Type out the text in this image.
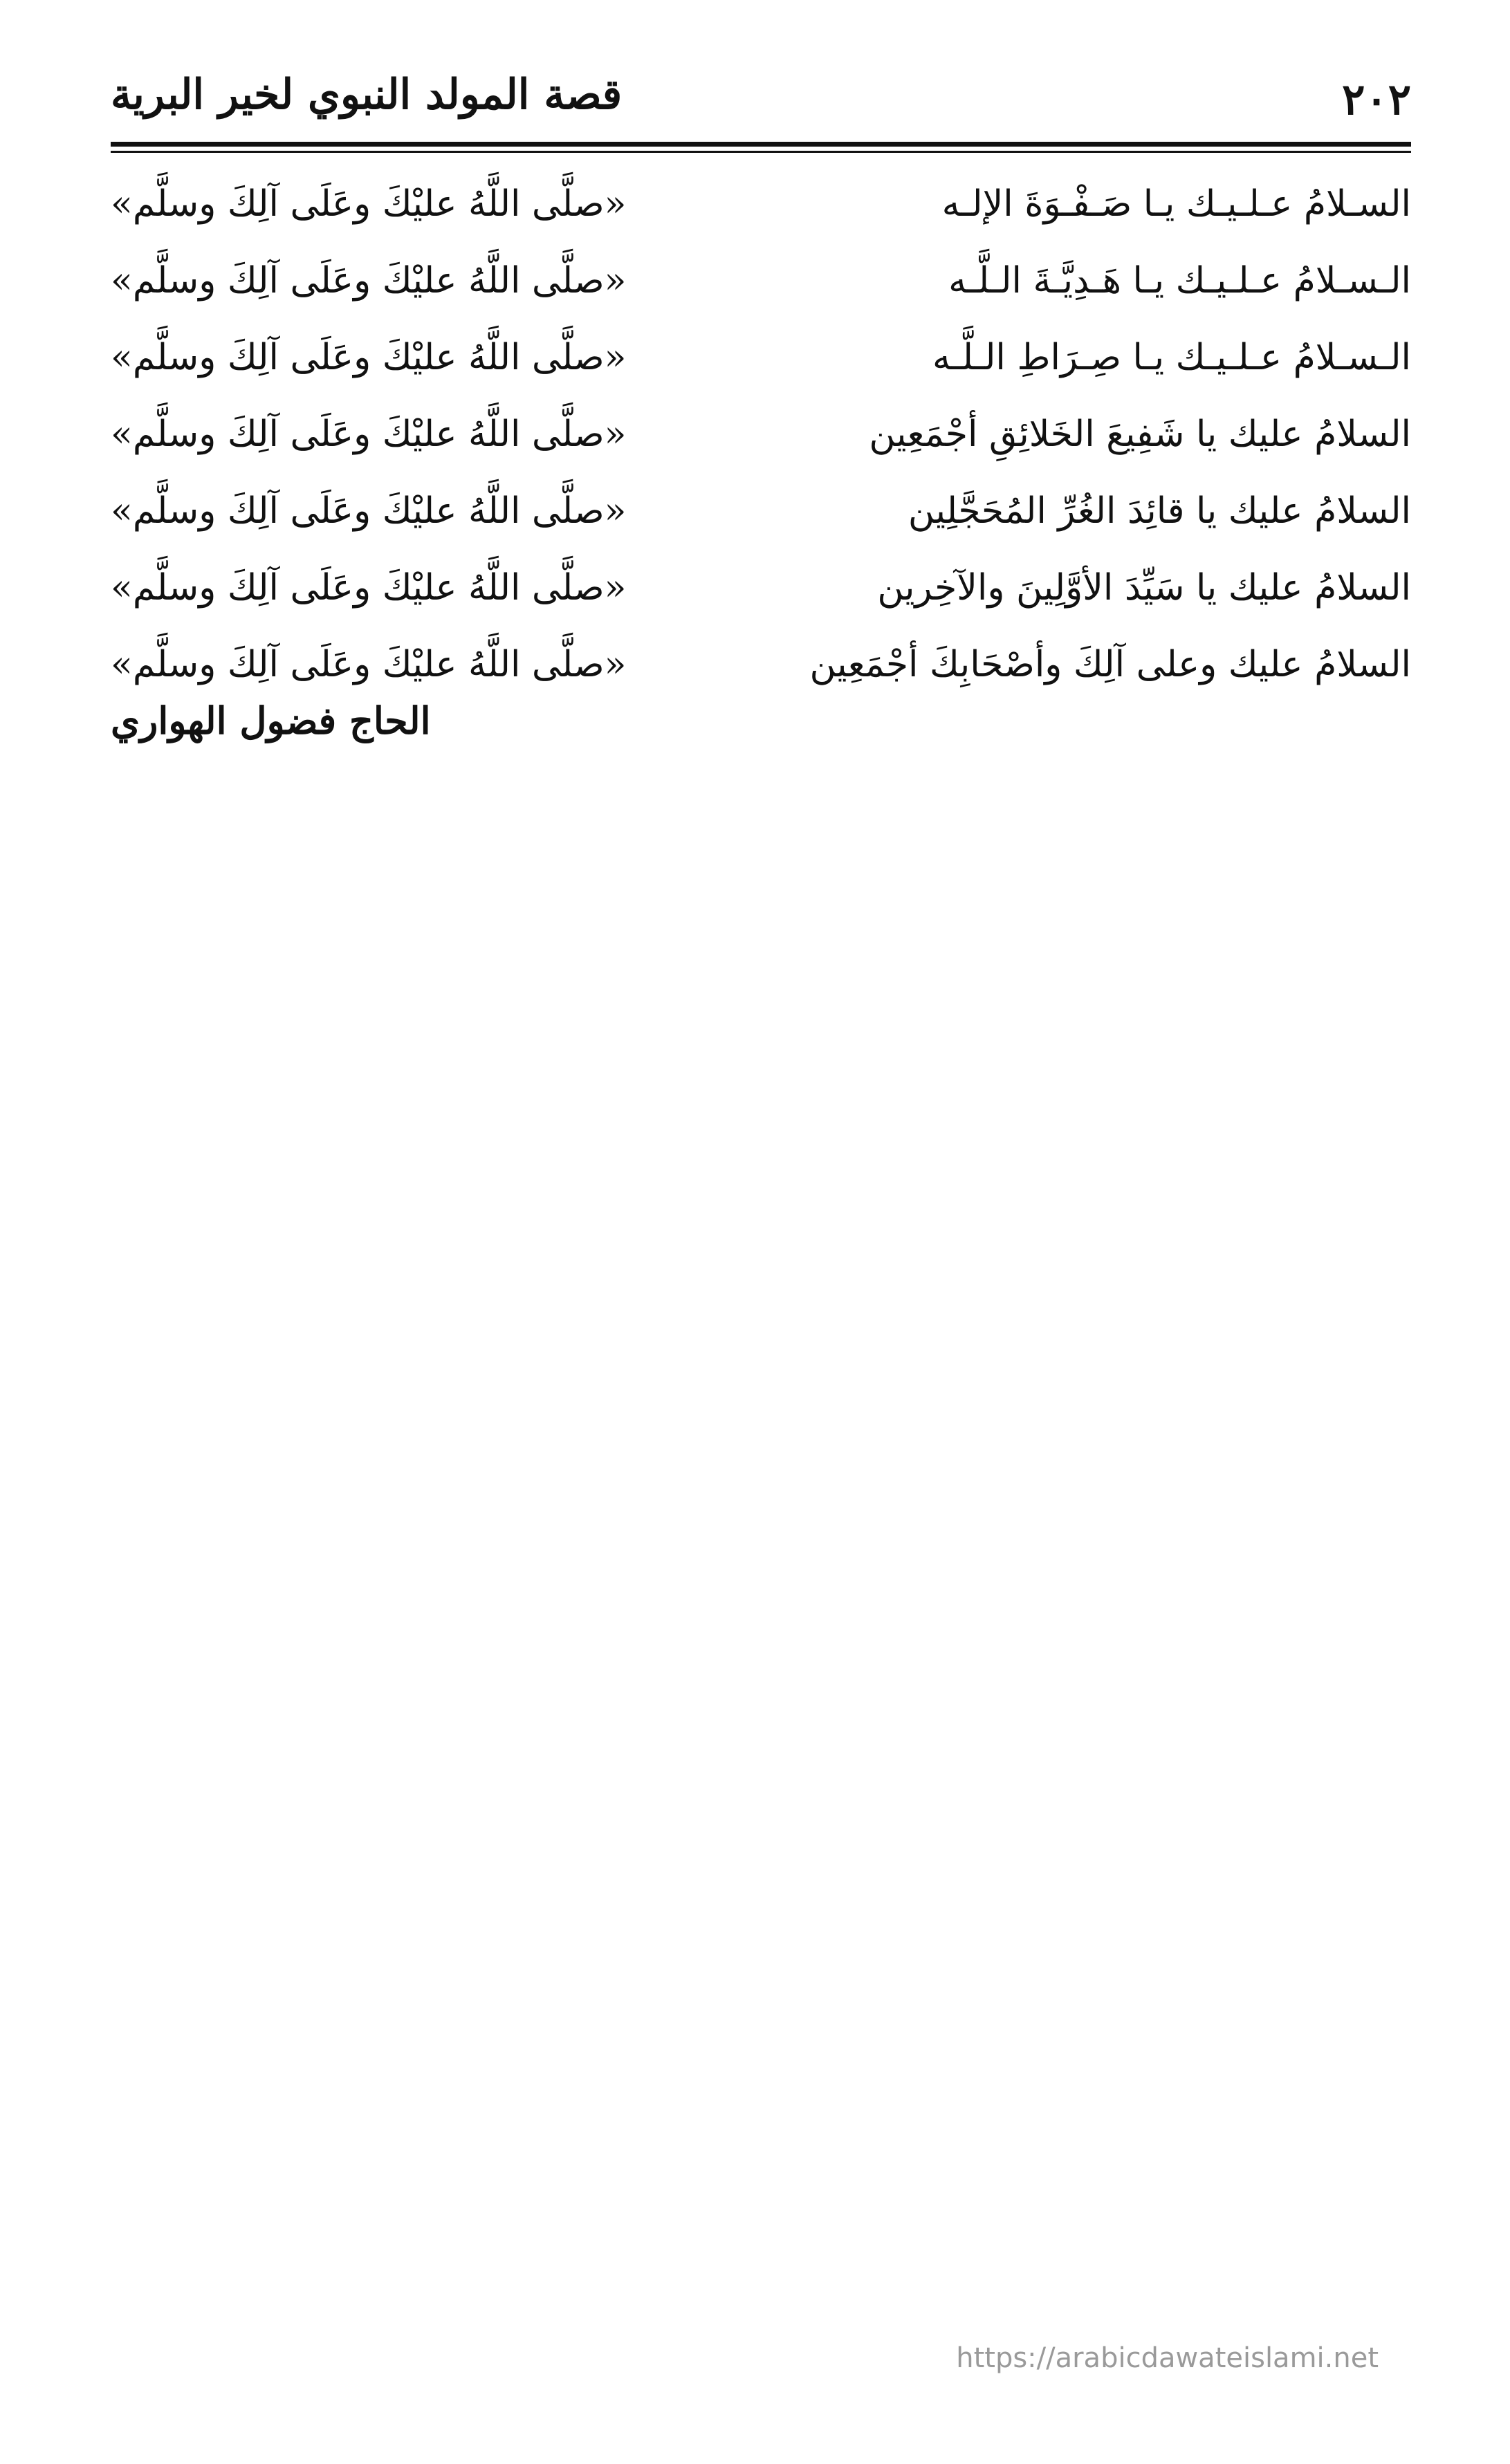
٢٠٢
قصة المولد النبوي لخير البرية
السـلامُ عـلـيـك يـا صَـفْـوَةَ الإلـه
«صلَّى اللَّهُ عليْكَ وعَلَى آلِكَ وسلَّم»
الـسـلامُ عـلـيـك يـا هَـدِيَّـةَ الـلَّـه
«صلَّى اللَّهُ عليْكَ وعَلَى آلِكَ وسلَّم»
الـسـلامُ عـلـيـك يـا صِـرَاطِ الـلَّـه
«صلَّى اللَّهُ عليْكَ وعَلَى آلِكَ وسلَّم»
السلامُ عليك يا شَفِيعَ الخَلائِقِ أجْمَعِين
«صلَّى اللَّهُ عليْكَ وعَلَى آلِكَ وسلَّم»
السلامُ عليك يا قائِدَ الغُرِّ المُحَجَّلِين
«صلَّى اللَّهُ عليْكَ وعَلَى آلِكَ وسلَّم»
السلامُ عليك يا سَيِّدَ الأوَّلِينَ والآخِرين
«صلَّى اللَّهُ عليْكَ وعَلَى آلِكَ وسلَّم»
السلامُ عليك وعلى آلِكَ وأصْحَابِكَ أجْمَعِين
«صلَّى اللَّهُ عليْكَ وعَلَى آلِكَ وسلَّم»
الحاج فضول الهواري
https://arabicdawateislami.net
